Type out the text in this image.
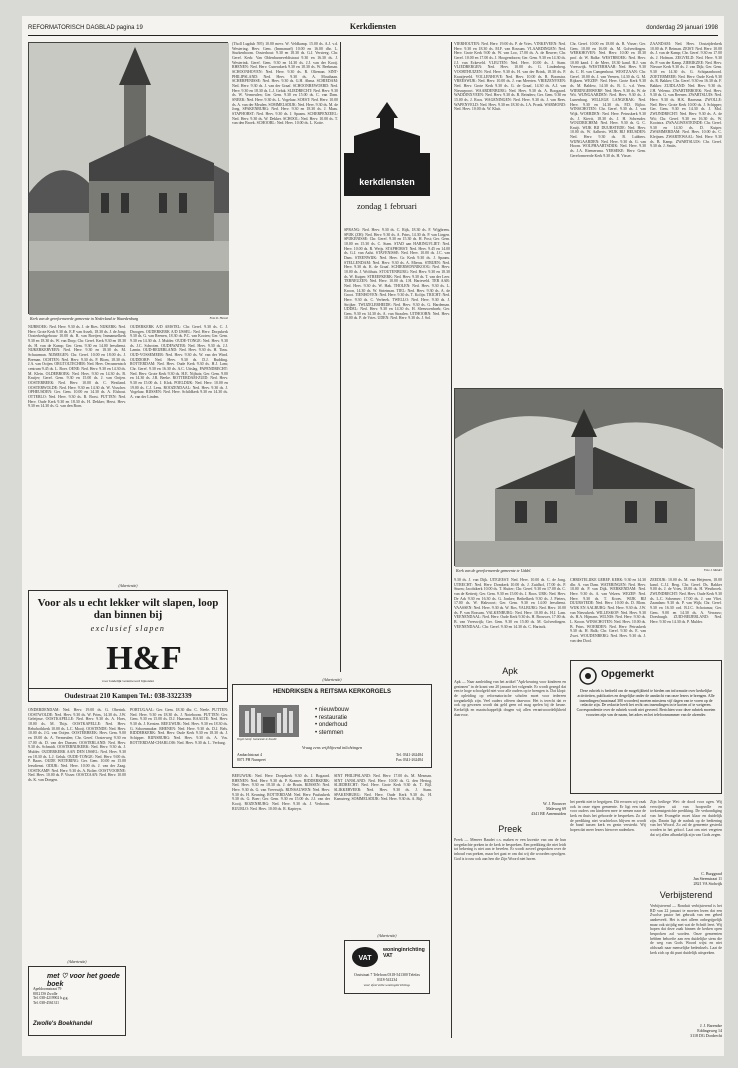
REFORMATORISCH DAGBLAD pagina 19	Kerkdiensten	donderdag 29 januari 1998
Kerk van de gereformeerde gemeente in Nederland te Waardenburg	Foto D. Hensel
NIJBROEK: Ned. Herv. 9.30 ds. J. de Bies. NIJKERK: Ned. Herv. Grote Kerk 9.30 ds. E.P. van Asselt, 18.30 ds. J. de Jong; Oosterkerkgebouw 10.00 ds. R. van Boeijen; Immanuelkerk 9.30 en 18.30 ds. W. van Dorp; Chr. Geref. Kerk 9.30 en 18.30 ds. H. van de Kamp; Ger. Gem. 9.30 en 14.00 leesdienst. NIJKERKERVEEN: Ned. Herv. 9.30 en 18.30 ds. M. Schuurman. NIJMEGEN: Chr. Geref. 10.00 en 18.00 ds. J. Breman. OCHTEN: Ned. Herv. 9.30 ds. P. Blom, 18.30 ds. J.A. van Ooijen. ORGTOLTECHER: Ned. Herv. Oecumenisch centrum 9.45 ds. L. Boer. OENE: Ned. Herv. 9.30 en 14.30 ds. M. Klein. OLDEBROEK: Ned. Herv. 9.30 en 14.30 ds. B. Kruijer; Geref. Gem. 9.30 en 15.00 ds. J. van Ooijen. OOSTERBEEK: Ned. Herv. 10.00 ds. C. Westland. OOSTERWOLDE: Ned. Herv. 9.30 en 14.30 ds. W. Visscher. OPHEUSDEN: Ger. Gem. 10.00 en 14.30 ds. A. Elshout. OTTERLO: Ned. Herv. 9.30 ds. R. Borst. PUTTEN: Ned. Herv. Oude Kerk 9.30 en 18.30 ds. H. Dekker; Herst. Herv. 9.30 en 14.30 ds. G. van den Born.
OUDERKERK A/D AMSTEL: Chr. Geref. 9.30 ds. C. J. Droogen. OUDERKERK A/D IJSSEL: Ned. Herv. Dorpskerk 9.30 ds. G. van Reenen, 18.30 ds. P.C. van Kooten; Ger. Gem. 9.30 en 14.30 ds. J. Mulder. OUDE-TONGE: Ned. Herv. 9.30 ds. J.C. Schroten. OUDEWATER: Ned. Herv. 9.30 ds. J.J. Lamin. OUD-BEIJERLAND: Ned. Herv. 9.30 ds. H. Tims. OUD-VOSSEMEER: Ned. Herv. 9.30 ds. W. van der Wind. OUDDORP: Ned. Herv. 9.30 ds. D.J. Budding. ROTTERDAM: Ned. Herv. Oude Kerk 9.30 ds. H.J. Lam; Chr. Geref. 9.30 en 16.30 ds. A.C. Uitslag. PAPENDRECHT: Ned. Herv. Grote Kerk 9.30 ds. H.E. Nijhuis; Ger. Gem. 9.00 en 14.30 ds. J.R. Beeke. ROTTERDAM-ZUID: Ned. Herv. 9.30 en 15.00 ds. J. Klok. POELDIJK: Ned. Herv. 10.00 en 19.00 ds. C.J. Lens. ROOZENDAAL: Ned. Herv. 9.30 ds. J. Vogelaar. RIJSSEN: Ned. Herv. Schildkerk 9.30 en 14.30 ds. A. van der Linden.
(Advertentie)
Voor als u echt lekker wilt slapen, loop dan binnen bij
exclusief slapen
H&F
voor landelijk verantwoord bijzonder
Oudestraat 210 Kampen Tel.: 038-3322339
ONDERDENDAM: Ned. Herv. 19.00 ds. G. Oberink. OOSTWOLDE: Ned. Herv. 9.30 ds. W. Prins, 14.30 ds. J.W. Geleijnse. OOSTKAPELLE: Ned. Herv. 9.30 ds. A. Hoes, 18.00 ds. M. Thijs. OOSTKAPELLE: Ned. Herv. Rehobothkerk 10.00 ds. L.C. Mooij. OOSTENDE: Ned. Herv. 10.00 ds. J.G. van Ooijen. OOSTERBEEK: Herv. Gem. 9.00 en 18.00 ds. A. Vermeulen; Chr. Geref. Oosterweg 9.30 en 17.00 ds. D. van der Dussen. OOSTERLAND: Ned. Herv. 9.30 ds. Schmidt. OOSTERNIJKERK: Ned. Herv. 9.30 ds. J. Mulder. OUDERKERK AAN DEN IJSSEL: Ned. Herv. 9.30 en 18.30 ds. L.J. Geluk. OUDE-TONGE: Ned. Herv. 9.00 ds. P. Baars. OUDE WETERING: Ger. Gem. 10.00 en 15.00 leesdienst. ODIJK: Ned. Herv. 10.00 ds. J. van der Zaag. OOSTKAMP: Ned. Herv. 9.30 ds. A. Bolier. OOSTVOORNE: Ned. Herv. 10.00 ds. P. Visser. OOSTZAAN: Ned. Herv. 10.00 ds. K. van Dongen.
PORTUGAAL: Ger. Gem. 18.30 dhr. C. Neele. PUTTEN: Ned. Herv. 9.30 en 18.30 ds. J. Noteboom. PUTTEN: Ger. Gem. 9.30 en 15.00 ds. D.J. Haarsma. RAALTE: Ned. Herv. 9.30 ds. J. Kersten. REEUWIJK: Ned. Herv. 9.30 en 18.30 ds. G. Schoenmaker. RHENEN: Ned. Herv. 9.30 ds. D.J. Bels. RIDDERKERK: Ned. Herv. Oude Kerk 9.30 en 18.30 ds. J. Schipper. RIJNSBURG: Ned. Herv. 9.30 ds. A. Vos. ROTTERDAM-CHARLOIS: Ned. Herv. 9.30 ds. L. Verburg.
(Advertentie)
met ♡ voor het goede boek
Apeldoornstraat 79
8012 DS Zwolle
Tel. 038-4219902 b.g.g.
Tel. 038-4561311
Zwolle's Boekhandel
(Tholl Lugdub 595) 10.00 mevr. W. Veldkamp. 15.00 ds. A.J. v.d. Westering. Herv. Gem. (Immanuel) 10.00 en 16.00 dhr. L. Sturkenboom. Oosterhout: 9.30 en 18.30 ds. G.J. Versteeg. Chr. Geref. Kerk: Van Oldenbarneveldtstraat 9.30 en 16.30 ds. J. Westerink. Geref. Gem. 9.30 en 14.30 ds. J.J. van der Kooij. RHENEN: Ned. Herv. Cunerakerk 9.30 en 18.30 ds. W. Beekman. SCHOONHOVEN: Ned. Herv. 9.30 ds. R. Olieman. SINT-PHILIPSLAND: Ned. Herv. 9.30 ds. A. Mouthaan. SCHERPENISSE: Ned. Herv. 9.30 ds. G.H. Abma. SCHIEDAM: Ned. Herv. 9.30 ds. J. van der Graaf. SCHOONREWOERD: Ned. Herv. 9.30 en 18.30 ds. L.J. Geluk. SLIEDRECHT: Ned. Herv. 9.30 ds. W. Vermeulen; Ger. Gem. 9.30 en 15.00 ds. C. van Dam. SNEEK: Ned. Herv. 9.30 ds. L. Vogelaar. SOEST: Ned. Herv. 10.00 ds. A. van der Meulen. SOMMELSDIJK: Ned. Herv. 9.30 ds. M. de Jong. SPAKENBURG: Ned. Herv. 9.30 en 18.30 ds. J. Maas. STAPHORST: Ned. Herv. 9.30 ds. J. Spaans. SCHERPENZEEL: Ned. Herv. 9.30 ds. W. Dekker. SCHOOL: Ned. Herv. 10.00 ds. T. van den Broek. SCHOORL: Ned. Herv. 10.00 ds. L. Kotte.
(Advertentie)
HENDRIKSEN & REITSMA KERKORGELS
Orgel Geref. Gemeente te Zwolle
• nieuwbouw
• restauratie
• onderhoud
• stemmen
Vraag eens vrijblijvend inlichtingen
Ambachtstraat 4
8071 PH Nunspeet
Tel. 0341-262484
Fax 0341-262484
BEEUWIJK: Ned. Herv. Dorpskerk 9.30 ds. J. Bogaard. RHENEN: Ned. Herv. 9.30 ds. P. Kramer. RIDDERKERK: Ned. Herv. 9.30 en 18.30 ds. J. de Bruin. RIJSSEN: Ned. Herv. 9.30 ds. G. van Vreeswijk. RIJNSAUWEN: Ned. Herv. 9.30 ds. H. Keuning. ROTTERDAM: Ned. Herv. Pauluskerk 9.30 ds. G. Boer; Ger. Gem. 9.30 en 15.00 ds. J.J. van der Kooij. ROZENBURG: Ned. Herv. 9.30 ds. J. Verboom. RUURLO: Ned. Herv. 10.00 ds. R. Kapteyn.
SINT PHILIPSLAND: Ned. Herv. 17.00 ds. M. Mesman. SINT JANSLAND: Ned. Herv. 10.00 ds. G. den Hertog. SLIEDRECHT: Ned. Herv. Grote Kerk 9.30 ds. T. Bijl. SLIKKERVEER: Ned. Herv. 9.30 ds. J. Stam. SPAKENBURG: Ned. Herv. Oude Kerk 9.30 ds. H. Kamsteeg. SOMMELSDIJK: Ned. Herv. 9.30 ds. A. Bijl.
kerkdiensten
zondag 1 februari
SPRANG: Ned. Herv. 9.30 ds. C. Rijk, 18.30 ds. F. Wijgbrens. SPIJK (ZH): Ned. Herv. 9.30 ds. A. Prins, 14.30 ds. P. van Lingen. SPIJKENISSE: Chr. Geref. 9.30 en 15.30 ds. H. Post; Ger. Gem. 10.00 en 15.30 ds. C. Stam. STAD aan HARINGVLIET: Ned. Herv. 10.00 ds. B. Weijs. STAPHORST: Ned. Herv. 9.45 en 14.00 ds. G.J. van Aalst. STAVENISSE: Ned. Herv. 10.00 ds. J.C. van Dam. STEENWIJK: Ned. Herv. Gr. Kerk 9.30 ds. J. Spaans. STELLENDAM: Ned. Herv. 9.30 ds. A. Mieras. STRIJEN: Ned. Herv. 9.30 ds. K. de Graaf. SCHIERMONNIKOOG: Ned. Herv. 10.00 ds. J. Wolthuis. STOUTENBURG: Ned. Herv. 9.30 en 18.30 ds. W. Kuiper. STREEFKERK: Ned. Herv. 9.30 ds. T. van der Leer. TERNEUZEN: Ned. Herv. 10.00 ds. J.H. Harteveld. TER AAR: Ned. Herv. 9.30 ds. W. Hak. THOLEN: Ned. Herv. 9.30 ds. L. Kroon, 14.30 ds. W. Strietman. TIEL: Ned. Herv. 9.30 ds. A. de Groot. TIENHOVEN: Ned. Herv. 9.30 ds. T. Kolijn. TRICHT: Ned. Herv. 9.30 ds. C. Verbeek. TWELLO: Ned. Herv. 9.30 ds. J. Strijker. TWIJZELERHEIDE: Ned. Herv. 9.30 ds. G. Hardeman. UDDEL: Ned. Herv. 9.30 en 14.30 ds. H. Sleeuwenhoek; Ger. Gem. 9.30 en 14.30 ds. A. van Straalen. UITHOORN: Ned. Herv. 10.00 ds. P. de Vries. UDEN: Ned. Herv. 9.30 ds. J. Sol.
VIERHOUTEN: Ned. Herv. 19.00 ds. P. de Vries. VINKEVEEN: Ned. Herv. 9.30 en 18.30 ds. M.F. van Rossum. VLAARDINGEN: Ned. Herv. Grote Kerk 9.00 ds. W. van Loo, 17.00 ds. A. de Reuver; Chr. Geref. 10.00 en 17.00 ds. J. Hoogendoorn; Ger. Gem. 9.30 en 14.30 ds. J.J. van Eckeveld. VLEUTEN: Ned. Herv. 10.00 ds. J. Stam. VLIEDBERGEN: Ned. Herv. 10.00 ds. G. Lindenberg. VOORTHUIZEN: Ned. Herv. 9.30 ds. H. van der Brink, 18.30 ds. P. Kraaijeveld. VOLLENHOVE: Ned. Herv. 10.00 ds. R. Boonstra. VREESWIJK: Ned. Herv. 10.00 ds. J. van Meerten. VRIEZENVEEN: Ned. Herv. Grote Kerk 9.30 ds. G. de Graaf, 14.30 ds. A.J. van Nieuwpoort. WAARDENBURG: Ned. Herv. 9.30 ds. A. Boogaard. WADDINXVEEN: Ned. Herv. 9.30 ds. B. Reinders; Ger. Gem. 9.30 en 15.00 ds. J. Roos. WAGENINGEN: Ned. Herv. 9.30 ds. J. van Rees. WAPENVELD: Ned. Herv. 9.30 en 18.30 ds. J.A. Pronk. WARMOND: Ned. Herv. 10.00 ds. W. Kluit.
Chr. Geref. 10.00 en 18.00 ds. R. Visser; Ger. Gem. 10.00 en 16.00 ds. M. Golverdingen. WERKHOVEN: Ned. Herv. 10.00 en 18.30 prof. dr. W. Balke. WESTBROEK: Ned. Herv. 10.00 kand. J. de Meer, 18.30 kand. B.J. van Vreeswijk. WESTERHAAR: Ned. Herv. 9.30 ds. C. H. van Campenhout. WESTZAAN: Chr. Geref. 10.00 ds. J. van Veenen, 14.30 ds. G. M. Rijksen. WEZEP: Ned. Herv. Grote Kerk 9.30 ds. M. Baldew, 14.30 ds. B. L. v.d. Veen. WIERINGERWERF: Ned. Herv. 9.30 ds. W. de Wit. WIJNGAARDEN: Ned. Herv. 9.30 ds. J. Lunenburg. WILLEGE LANGERAK: Ned. Herv. 9.30 en 14.30 ds. P.D. Bijloo. WINSCHOTEN: Chr. Geref. 9.30 ds. J. van Wijk. WOERDEN: Ned. Herv. Petruskerk 9.30 ds. J. Kievit, 18.30 ds. J. H. Schreuder. WOUDRICHEM: Ned. Herv. 9.30 ds. G. C. Kruijt. WIJK BIJ DUURSTEDE: Ned. Herv. 10.00 ds. W. Aalberts. WIJK BIJ HEUSDEN: Ned. Herv. 9.30 ds. B. Lubbers. WIJNGAARDEN: Ned. Herv. 9.30 ds. G. van Hoorn. WOLPHAARTSDIJK: Ned. Herv. 9.30 ds. J.A. Riemersma. YERSEKE: Herv. Gem. Gereformeerde Kerk 9.30 ds. H. Visser.
ZAANDAM: Ned. Herv. Oostzijderkerk 10.00 ds. P. Reiman. ZEIST: Ned. Herv. 10.00 ds. J. van de Kamp; Chr. Geref. 9.30 en 17.00 ds. J. Hofman. ZEGVELD: Ned. Herv. 9.30 ds. P. van der Kamp. ZIERIKZEE: Ned. Herv. Nieuwe Kerk 9.30 ds. J. van Dijk; Ger. Gem. 9.30 en 14.30 ds. G. Schipaanboord. ZOETERMEER: Ned. Herv. Oude Kerk 9.30 ds. R. Bakker; Chr. Geref. 9.30 en 16.30 ds. F. Bakker. ZUIDLAND: Ned. Herv. 9.30 ds. J.H. Velema. ZWARTEBROEK: Ned. Herv. 9.30 ds. G. van Reenen. ZWARTSLUIS: Ned. Herv. 9.30 ds. H.K. Baarsma. ZWOLLE: Ned. Herv. Grote Kerk 10.00 ds. J. Schipper; Ger. Gem. 9.30 en 14.30 ds. J. Mol. ZWIJNDRECHT: Ned. Herv. 9.30 ds. A. de Wit; Chr. Geref. 9.30 en 16.30 ds. W. Kooistra. ZWAAGWESTEINDE: Chr. Geref. 9.30 en 14.30 ds. D. Kuiper. ZWAMMERDAM: Ned. Herv. 10.00 ds. C. Kleijnen. ZWARTEWAAL: Ned. Herv. 9.30 ds. B. Kamp. ZWARTSLUIS: Chr. Geref. 9.30 ds. J. Smits.
Kerk van de gereformeerde gemeente te Uddel.	Foto J. Mulder
9.30 ds. J. van Dijk. UITGEEST: Ned. Herv. 10.00 ds. C. de Jong. UTRECHT: Ned. Herv. Domkerk 10.00 ds. J. Zuidhof, 17.00 ds. P. Sturm; Jacobikerk 10.00 ds. T. Sluiter; Chr. Geref. 9.30 en 17.00 ds. C. van de Ketterij; Ger. Gem. 9.30 en 15.00 ds. J. Roos. URK: Ned. Herv. De Ark 9.30 en 16.30 ds. G. Jonker; Bethelkerk 9.30 ds. J. Pieters, 17.00 ds. W. Hakvoort; Ger. Gem. 9.30 en 14.00 leesdienst. VAASSEN: Ned. Herv. 9.30 ds. W. Bos. VALBURG: Ned. Herv. 10.00 ds. P. van Rossum. VALKENBURG: Ned. Herv. 10.00 ds. H.J. Lam. VEENENDAAL: Ned. Herv. Oude Kerk 9.30 ds. H. Brouwer, 17.00 ds. B. van Vreeswijk; Ger. Gem. 9.30 en 15.00 ds. M. Golverdingen. VEENENDAAL: Chr. Geref. 9.30 en 14.30 ds. C. Harinck.
CHRISTELIJKE GEREF. KERK: 9.30 en 14.30 dhr. A. van Dam. WATERINGEN: Ned. Herv. 10.00 ds. P. van Dijk. WERKENDAM: Ned. Herv. 9.30 ds. A. van Velzen. WEZEP: Ned. Herv. 9.30 ds. T. Kroes. WIJK BIJ DUURSTEDE: Ned. Herv. 10.00 ds. D. Blom. WIJK EN AALBURG: Ned. Herv. 9.30 ds. J.W. van Nieuwkerk. WILLESKOP: Ned. Herv. 9.30 ds. H.A. Hijmans. WILNIS: Ned. Herv. 9.30 ds. L. Kroon. WINSCHOTEN: Ned. Herv. 10.00 ds. B. Prins. WOERDEN: Ned. Herv. Petruskerk 9.30 ds. H. Balk; Chr. Geref. 9.30 ds. E. van Zwet. WOUDENBERG: Ned. Herv. 9.30 ds. J. van den Dool.
ZEEDIJK: 10.00 ds. M. van Heijenen, 18.00 kand. C.J.J. Berg. Chr. Geref. Ds. Bakker 9.00 ds. J. de Vries, 18.00 ds. H. Westbroek. ZWIJNDRECHT: Ned. Herv. Oude Kerk 9.30 ds. L.C. Schermer; 17.00 ds. J. van Vliet. Zaandam: 9.30 ds. P. van Wijk; Chr. Geref. 9.30 en 16.30 ord. B.J.C. Schotanus; Ger. Gem. 9.00 en 14.30 ds. A. Verrauw; Doesburgh. ZUID-BEIJERLAND: Ned. Herv. 9.30 en 14.30 ds. P. Mulder.
Apk
Apk — Naar aanleiding van het artikel "Apk-keuring voor kinderen en gezinnen" in de krant van 20 januari het volgende. Er wordt gezegd dat een te hoge schoolgeld niet voor alle ouders op te brengen is. Dat klopt: de opleiding op reformatorische scholen moet voor iedereen toegankelijk zijn. Veel ouders offeren daarvoor. Het is terecht dat er ook op gewezen wordt dat geld geen rol mag spelen bij de keuze. Kerkelijk en maatschappelijk dragen wij allen verantwoordelijkheid daarvoor.
W. J. Brouwer
Maleweg 69
4341 BE Arnemuiden
(Advertentie)
VAT
woninginrichting VAT
Ooststraat 7 Telefoon 0318-541300 Telefax 0318-541234
voor sfeervolle woninginrichting.
Preek
Preek — Meneer Baudet c.s. maken er een kwestie van om de hun toegedachte preken in de kerk te bespreken. Een prediking die niet leidt tot bekering is niet aan te bevelen. Er wordt zoveel gesproken over de inhoud van preken, maar het gaat er om dat wij die woorden opvolgen. God is trouw ook aan hen die Zijn Woord niet horen.
Opgemerkt
Deze rubriek is bedoeld om de mogelijkheid te bieden om informatie over kerkelijke activiteiten, publicaties en dergelijke onder de aandacht van onze lezers te brengen. Alle inzendingen (maximaal 300 woorden) moeten minstens vijf dagen van te voren op de redactie zijn. De redactie heeft het recht om inzendingen in te korten of te weigeren. Correspondentie over de rubriek wordt niet gevoerd. Berichten voor deze rubriek moeten voorzien zijn van de naam, het adres en het telefoonnummer van de afzender.
het preekt niet te begrijpen. Dit ervaren wij vaak ook in onze eigen gemeente. Er ligt een taak voor ouders om kinderen mee te nemen naar de kerk en thuis het gehoorde te bespreken. Zo zal de prediking niet vruchteloos blijven en wordt de band tussen kerk en gezin versterkt. Wij hopen dat meer lezers hierover nadenken.
Zijn heiliege Wet: de dood voor ogen. Wij verwijten uit van hoopvolle en toekomstgerichte prediking. De verkondiging van het Evangelie moet klaar en duidelijk zijn. Daarin ligt de nadruk op de bediening van het Woord. Zo zal de gemeente gesterkt worden in het geloof. Laat ons niet vergeten dat wij allen afhankelijk zijn van Gods zegen.
C. Burggraaf
Jan Steenstraat 11
2821 VA Stolwijk
Verbijsterend
Verbijsterend — Ronduit verbijsterend is het RD van 22 januari te moeten lezen dat een Zwolse pastor het gebruik van een gebed aanbeveelt. Het is niet alleen onbegrijpelijk maar ook strijdig met wat de Schrift leert. Wij hopen dat deze zaak binnen de kerken open besproken zal worden. Onze gemeenten hebben behoefte aan een duidelijke stem die de weg van Gods Woord wijst en niet afdwaalt naar menselijke bedenksels. Laat de kerk zich op dit punt duidelijk uitspreken.
J. J. Barendse
Eddingsweg 14
3118 DG Dordrecht
